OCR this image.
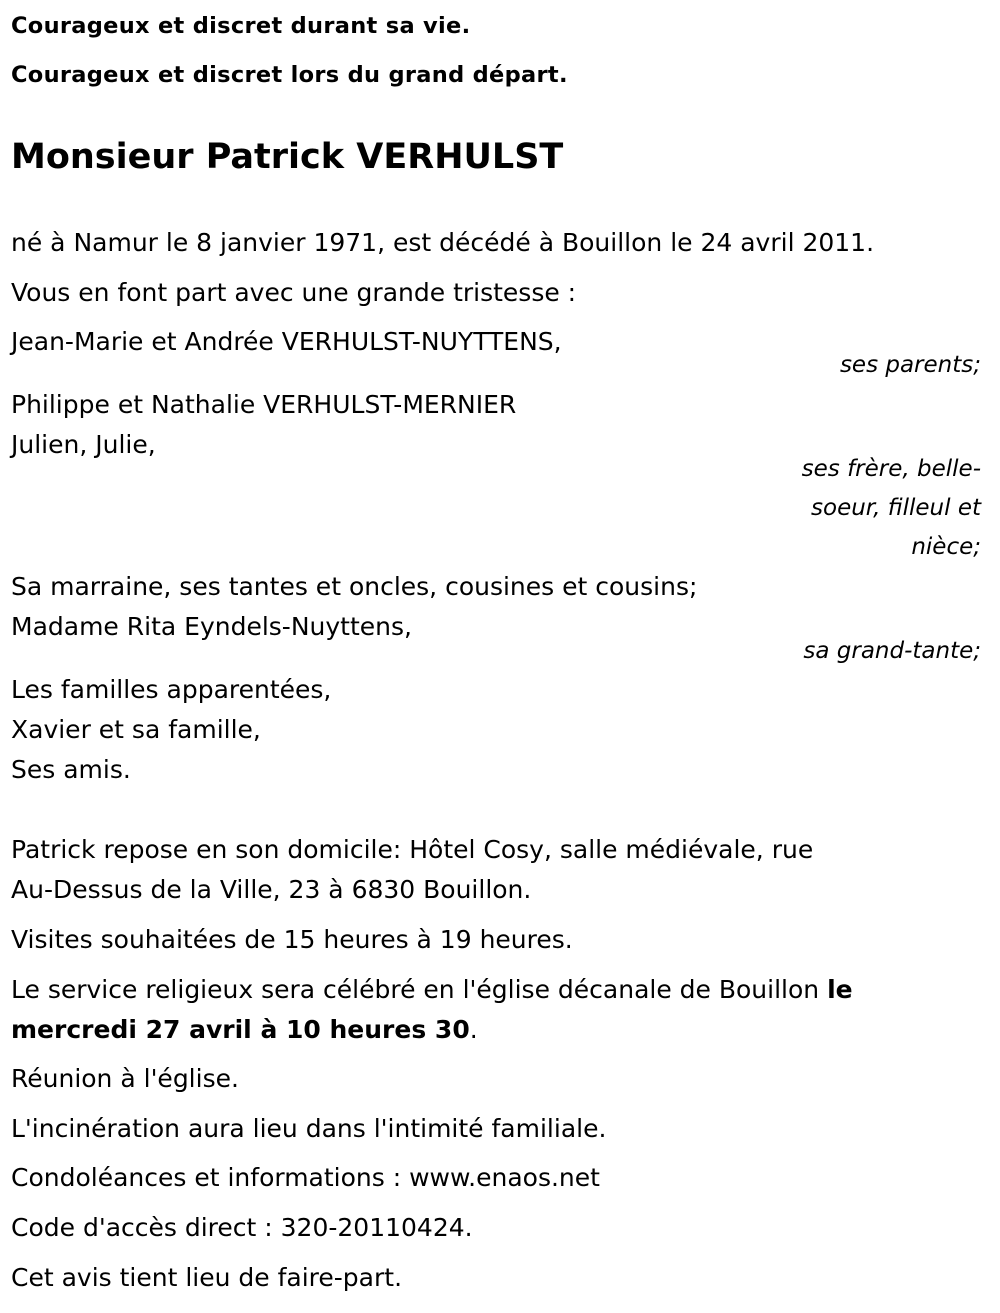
Courageux et discret durant sa vie.
Courageux et discret lors du grand départ.
Monsieur Patrick VERHULST
né à Namur le 8 janvier 1971, est décédé à Bouillon le 24 avril 2011.
Vous en font part avec une grande tristesse :
Jean-Marie et Andrée VERHULST-NUYTTENS,
ses parents;
Philippe et Nathalie VERHULST-MERNIER
Julien, Julie,
ses frère, belle-
soeur, filleul et
nièce;
Sa marraine, ses tantes et oncles, cousines et cousins;
Madame Rita Eyndels-Nuyttens,
sa grand-tante;
Les familles apparentées,
Xavier et sa famille,
Ses amis.
Patrick repose en son domicile: Hôtel Cosy, salle médiévale, rue
Au-Dessus de la Ville, 23 à 6830 Bouillon.
Visites souhaitées de 15 heures à 19 heures.
Le service religieux sera célébré en l'église décanale de Bouillon le
mercredi 27 avril à 10 heures 30.
Réunion à l'église.
L'incinération aura lieu dans l'intimité familiale.
Condoléances et informations : www.enaos.net
Code d'accès direct : 320-20110424.
Cet avis tient lieu de faire-part.
